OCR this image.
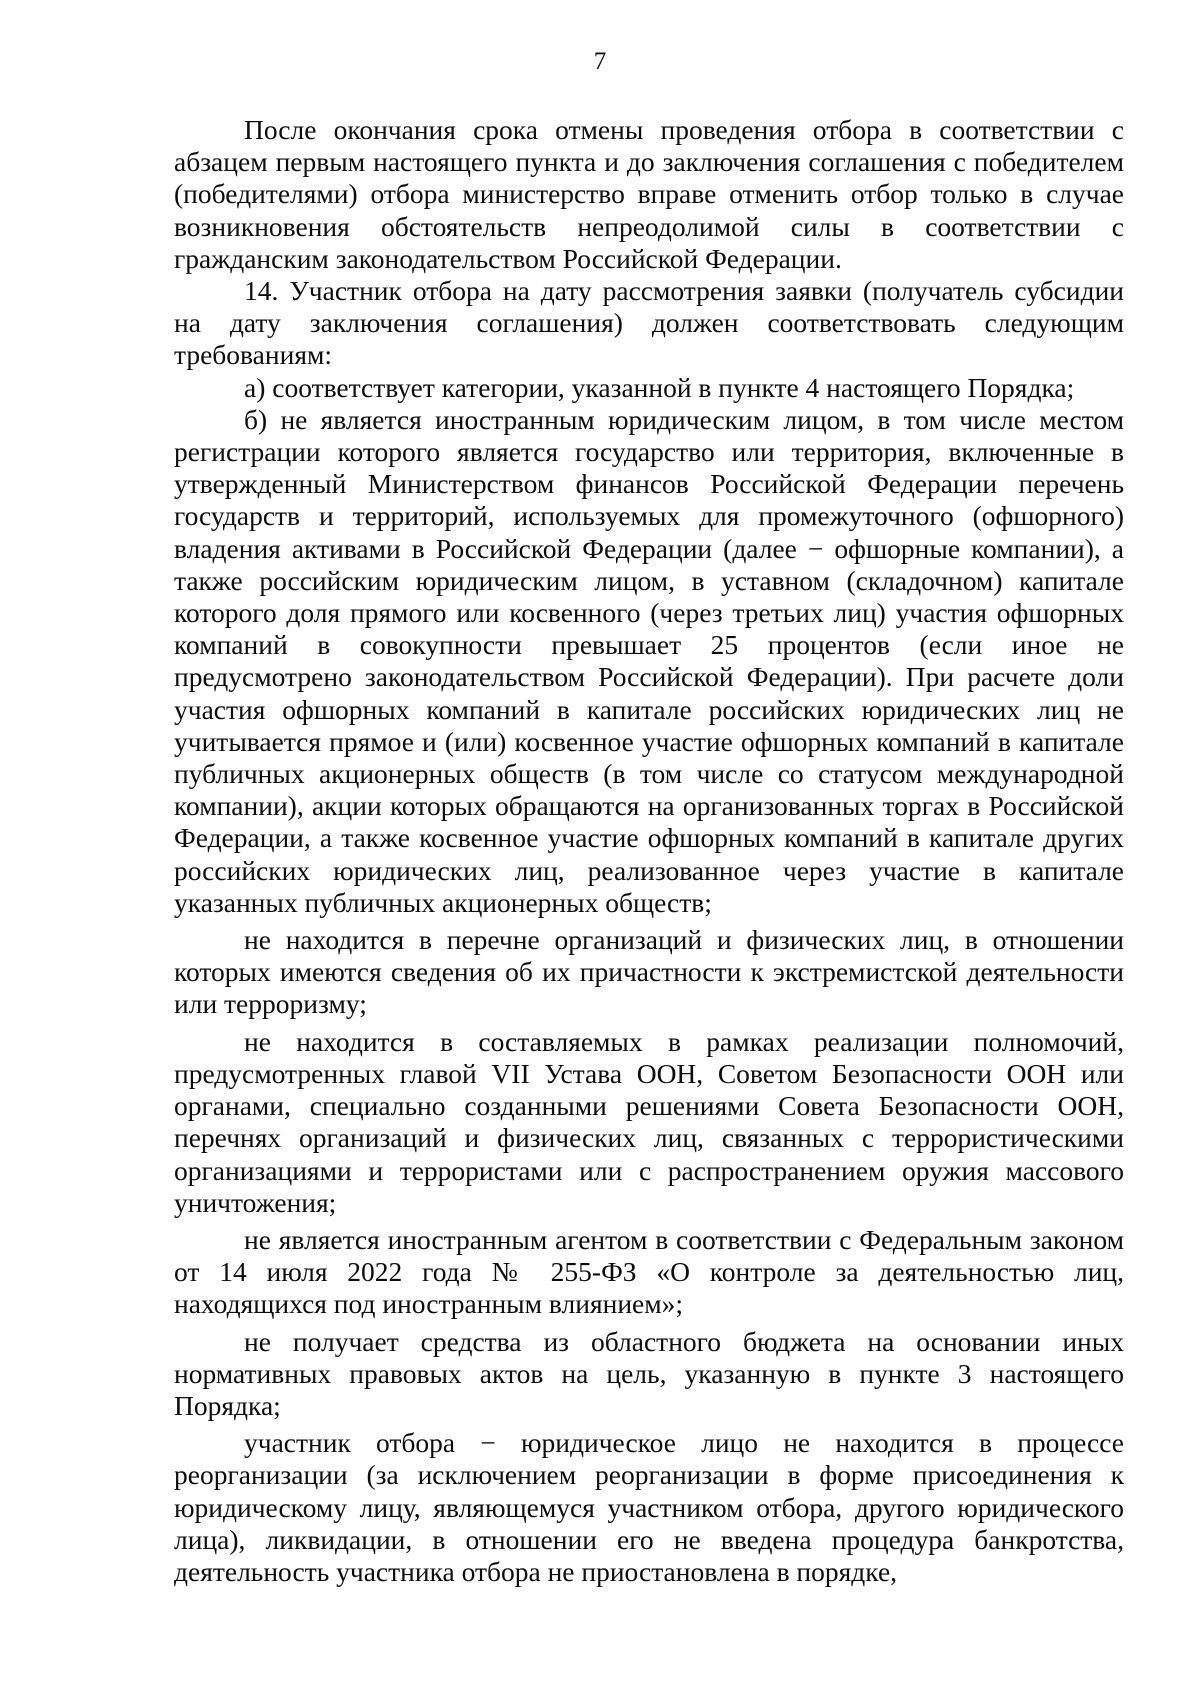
7

После окончания срока отмены проведения отбора в соответствии с абзацем первым настоящего пункта и до заключения соглашения с победителем (победителями) отбора министерство вправе отменить отбор только в случае возникновения обстоятельств непреодолимой силы в соответствии с гражданским законодательством Российской Федерации.

14. Участник отбора на дату рассмотрения заявки (получатель субсидии на дату заключения соглашения) должен соответствовать следующим требованиям:

а) соответствует категории, указанной в пункте 4 настоящего Порядка;

б) не является иностранным юридическим лицом, в том числе местом регистрации которого является государство или территория, включенные в утвержденный Министерством финансов Российской Федерации перечень государств и территорий, используемых для промежуточного (офшорного) владения активами в Российской Федерации (далее − офшорные компании), а также российским юридическим лицом, в уставном (складочном) капитале которого доля прямого или косвенного (через третьих лиц) участия офшорных компаний в совокупности превышает 25 процентов (если иное не предусмотрено законодательством Российской Федерации). При расчете доли участия офшорных компаний в капитале российских юридических лиц не учитывается прямое и (или) косвенное участие офшорных компаний в капитале публичных акционерных обществ (в том числе со статусом международной компании), акции которых обращаются на организованных торгах в Российской Федерации, а также косвенное участие офшорных компаний в капитале других российских юридических лиц, реализованное через участие в капитале указанных публичных акционерных обществ;

не находится в перечне организаций и физических лиц, в отношении которых имеются сведения об их причастности к экстремистской деятельности или терроризму;

не находится в составляемых в рамках реализации полномочий, предусмотренных главой VII Устава ООН, Советом Безопасности ООН или органами, специально созданными решениями Совета Безопасности ООН, перечнях организаций и физических лиц, связанных с террористическими организациями и террористами или с распространением оружия массового уничтожения;

не является иностранным агентом в соответствии с Федеральным законом от 14 июля 2022 года № 255-ФЗ «О контроле за деятельностью лиц, находящихся под иностранным влиянием»;

не получает средства из областного бюджета на основании иных нормативных правовых актов на цель, указанную в пункте 3 настоящего Порядка;

участник отбора − юридическое лицо не находится в процессе реорганизации (за исключением реорганизации в форме присоединения к юридическому лицу, являющемуся участником отбора, другого юридического лица), ликвидации, в отношении его не введена процедура банкротства, деятельность участника отбора не приостановлена в порядке,
